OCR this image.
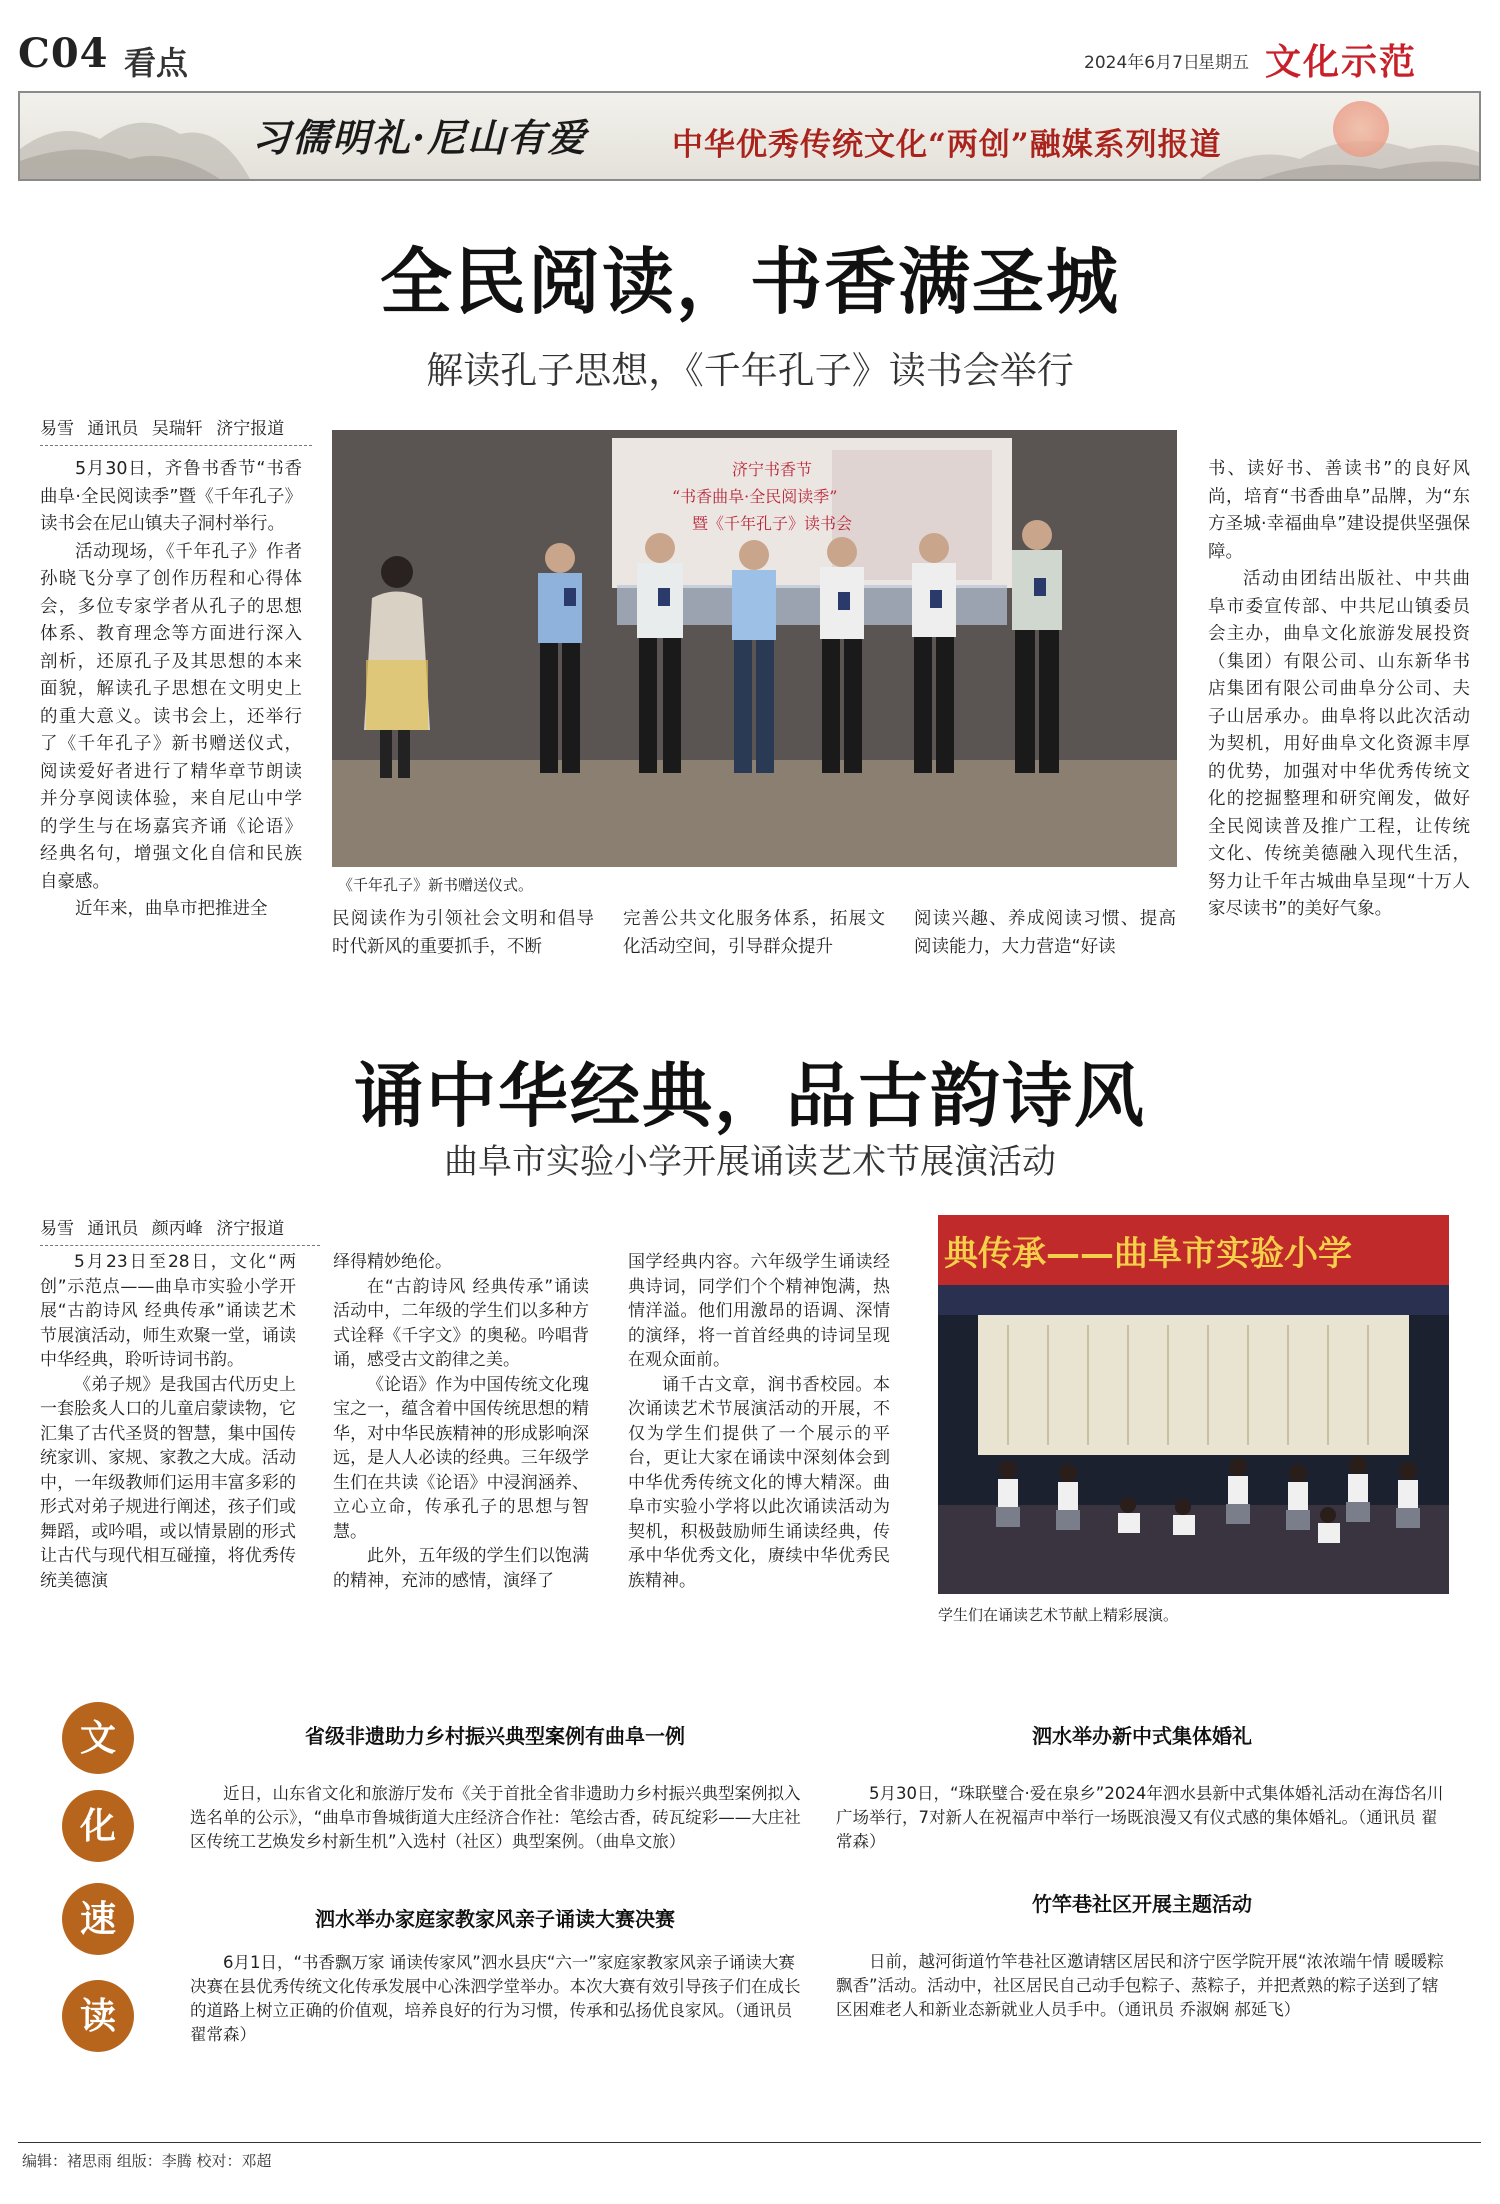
C04 看点	2024年6月7日
星期五 文化示范
习儒明礼·尼山有爱	中华优秀传统文化“两创”融媒系列报道
全民阅读，书香满圣城
解读孔子思想，《千年孔子》读书会举行
易雪 通讯员 吴瑞轩 济宁报道

5月30日，齐鲁书香节“书香曲阜·全民阅读季”暨《千年孔子》读书会在尼山镇夫子洞村举行。

活动现场，《千年孔子》作者孙晓飞分享了创作历程和心得体会，多位专家学者从孔子的思想体系、教育理念等方面进行深入剖析，还原孔子及其思想的本来面貌，解读孔子思想在文明史上的重大意义。读书会上，还举行了《千年孔子》新书赠送仪式，阅读爱好者进行了精华章节朗读并分享阅读体验，来自尼山中学的学生与在场嘉宾齐诵《论语》经典名句，增强文化自信和民族自豪感。

近年来，曲阜市把推进全

济宁书香节
“书香曲阜·全民阅读季”
暨《千年孔子》读书会
《千年孔子》新书赠送仪式。
民阅读作为引领社会文明和倡导时代新风的重要抓手，不断
完善公共文化服务体系，拓展文化活动空间，引导群众提升
阅读兴趣、养成阅读习惯、提高阅读能力，大力营造“好读

书、读好书、善读书”的良好风尚，培育“书香曲阜”品牌，为“东方圣城·幸福曲阜”建设提供坚强保障。

活动由团结出版社、中共曲阜市委宣传部、中共尼山镇委员会主办，曲阜文化旅游发展投资（集团）有限公司、山东新华书店集团有限公司曲阜分公司、夫子山居承办。曲阜将以此次活动为契机，用好曲阜文化资源丰厚的优势，加强对中华优秀传统文化的挖掘整理和研究阐发，做好全民阅读普及推广工程，让传统文化、传统美德融入现代生活，努力让千年古城曲阜呈现“十万人家尽读书”的美好气象。

诵中华经典，品古韵诗风
曲阜市实验小学开展诵读艺术节展演活动
易雪 通讯员 颜丙峰 济宁报道

5月23日至28日，文化“两创”示范点——曲阜市实验小学开展“古韵诗风 经典传承”诵读艺术节展演活动，师生欢聚一堂，诵读中华经典，聆听诗词书韵。

《弟子规》是我国古代历史上一套脍炙人口的儿童启蒙读物，它汇集了古代圣贤的智慧，集中国传统家训、家规、家教之大成。活动中，一年级教师们运用丰富多彩的形式对弟子规进行阐述，孩子们或舞蹈，或吟唱，或以情景剧的形式让古代与现代相互碰撞，将优秀传统美德演

绎得精妙绝伦。

在“古韵诗风 经典传承”诵读活动中，二年级的学生们以多种方式诠释《千字文》的奥秘。吟唱背诵，感受古文韵律之美。

《论语》作为中国传统文化瑰宝之一，蕴含着中国传统思想的精华，对中华民族精神的形成影响深远，是人人必读的经典。三年级学生们在共读《论语》中浸润涵养、立心立命，传承孔子的思想与智慧。

此外，五年级的学生们以饱满的精神，充沛的感情，演绎了

国学经典内容。六年级学生诵读经典诗词，同学们个个精神饱满，热情洋溢。他们用激昂的语调、深情的演绎，将一首首经典的诗词呈现在观众面前。

诵千古文章，润书香校园。本次诵读艺术节展演活动的开展，不仅为学生们提供了一个展示的平台，更让大家在诵读中深刻体会到中华优秀传统文化的博大精深。曲阜市实验小学将以此次诵读活动为契机，积极鼓励师生诵读经典，传承中华优秀文化，赓续中华优秀民族精神。

典传承——曲阜市实验小学
学生们在诵读艺术节献上精彩展演。
文
化
速
读
省级非遗助力乡村振兴典型案例有曲阜一例

近日，山东省文化和旅游厅发布《关于首批全省非遗助力乡村振兴典型案例拟入选名单的公示》，“曲阜市鲁城街道大庄经济合作社：笔绘古香，砖瓦绽彩——大庄社区传统工艺焕发乡村新生机”入选村（社区）典型案例。（曲阜文旅）

泗水举办家庭家教家风亲子诵读大赛决赛

6月1日，“书香飘万家 诵读传家风”泗水县庆“六一”家庭家教家风亲子诵读大赛决赛在县优秀传统文化传承发展中心洙泗学堂举办。本次大赛有效引导孩子们在成长的道路上树立正确的价值观，培养良好的行为习惯，传承和弘扬优良家风。（通讯员 翟常森）

泗水举办新中式集体婚礼

5月30日，“珠联璧合·爱在泉乡”2024年泗水县新中式集体婚礼活动在海岱名川广场举行，7对新人在祝福声中举行一场既浪漫又有仪式感的集体婚礼。（通讯员 翟常森）

竹竿巷社区开展主题活动

日前，越河街道竹竿巷社区邀请辖区居民和济宁医学院开展“浓浓端午情 暖暖粽飘香”活动。活动中，社区居民自己动手包粽子、蒸粽子，并把煮熟的粽子送到了辖区困难老人和新业态新就业人员手中。（通讯员 乔淑娴 郝延飞）

编辑：褚思雨 组版：李腾 校对：邓超
